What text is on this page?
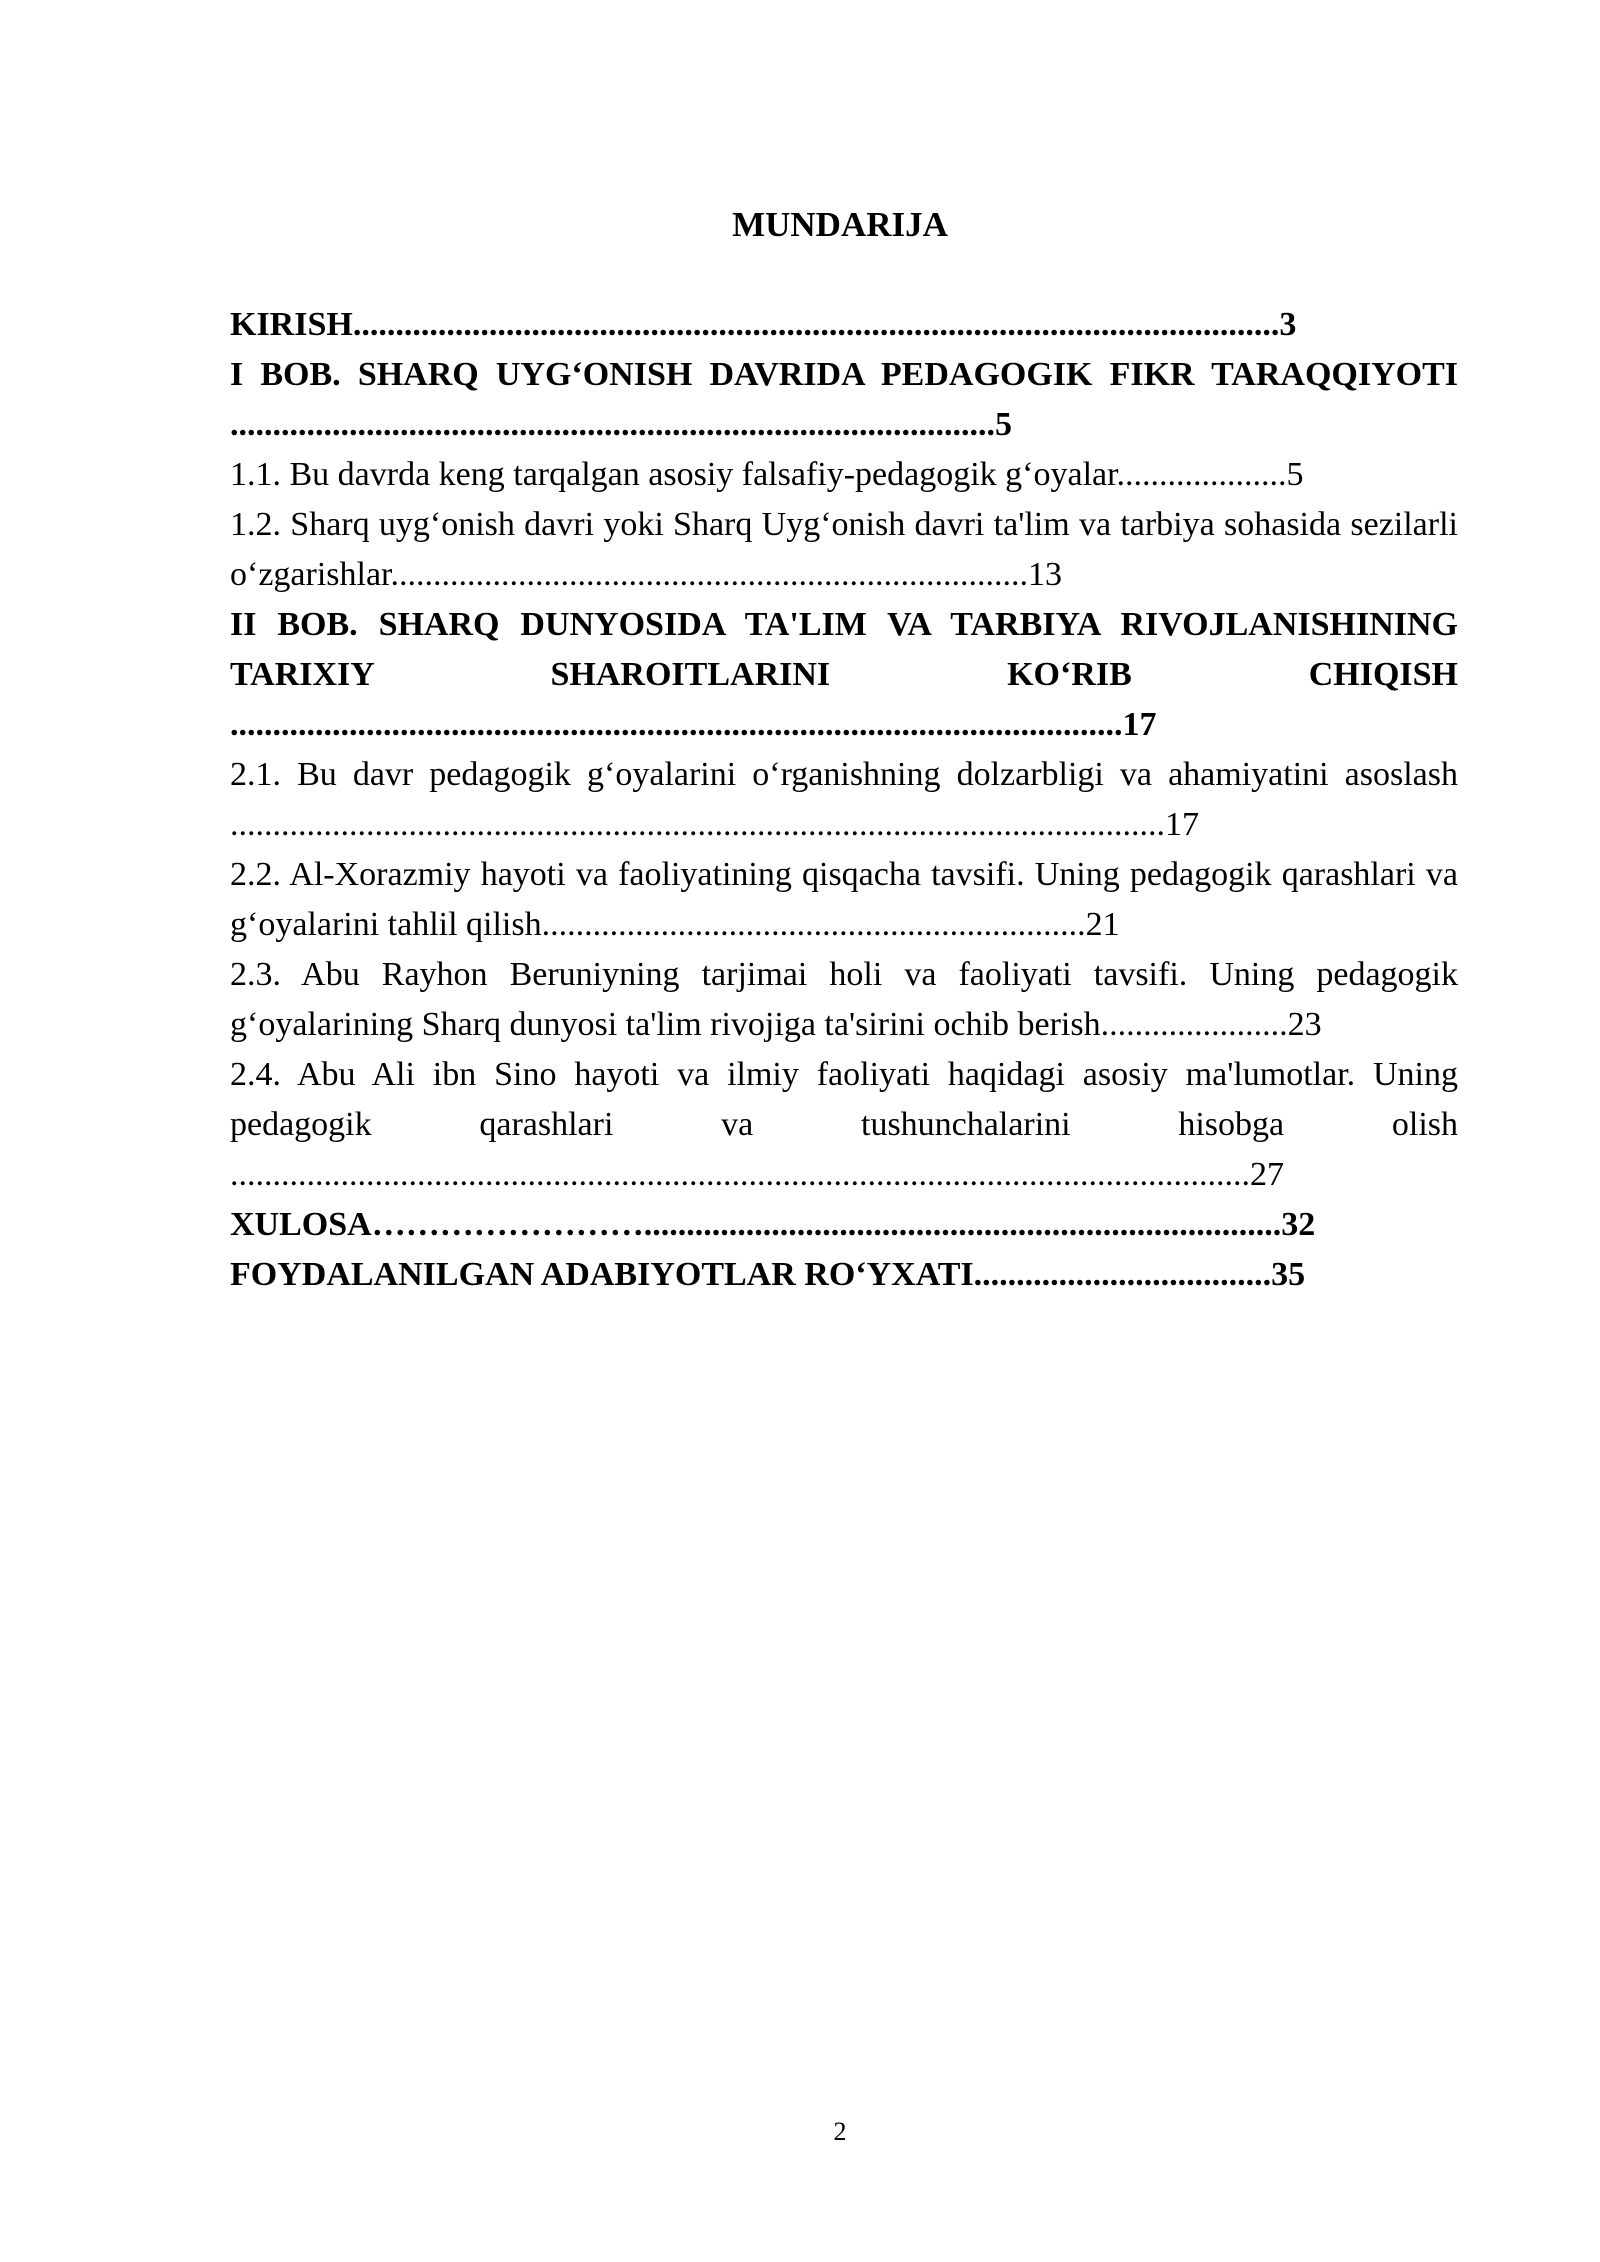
MUNDARIJA

KIRISH​.............................................................................................................3

I BOB. SHARQ UYG‘ONISH DAVRIDA PEDAGOGIK FIKR TARAQQIYOTI​..........................................................................................5

1.1. Bu davrda keng tarqalgan asosiy falsafiy-pedagogik g‘oyalar​....................5

1.2. Sharq uyg‘onish davri yoki Sharq Uyg‘onish davri ta'lim va tarbiya sohasida sezilarli o‘zgarishlar​...........................................................................13

II BOB. SHARQ DUNYOSIDA TA'LIM VA TARBIYA RIVOJLANISHINING TARIXIY SHAROITLARINI KO‘RIB CHIQISH​.........................................................................................................17

2.1. Bu davr pedagogik g‘oyalarini o‘rganishning dolzarbligi va ahamiyatini asoslash​..............................................................................................................17

2.2. Al-Xorazmiy hayoti va faoliyatining qisqacha tavsifi. Uning pedagogik qarashlari va g‘oyalarini tahlil qilish​................................................................21

2.3. Abu Rayhon Beruniyning tarjimai holi va faoliyati tavsifi. Uning pedagogik g‘oyalarining Sharq dunyosi ta'lim rivojiga ta'sirini ochib berish​......................23

2.4. Abu Ali ibn Sino hayoti va ilmiy faoliyati haqidagi asosiy ma'lumotlar. Uning pedagogik qarashlari va tushunchalarini hisobga olish​........................................................................................................................27

XULOSA​……………………...........................................................................32

FOYDALANILGAN ADABIYOTLAR RO‘YXATI​...................................35

2
